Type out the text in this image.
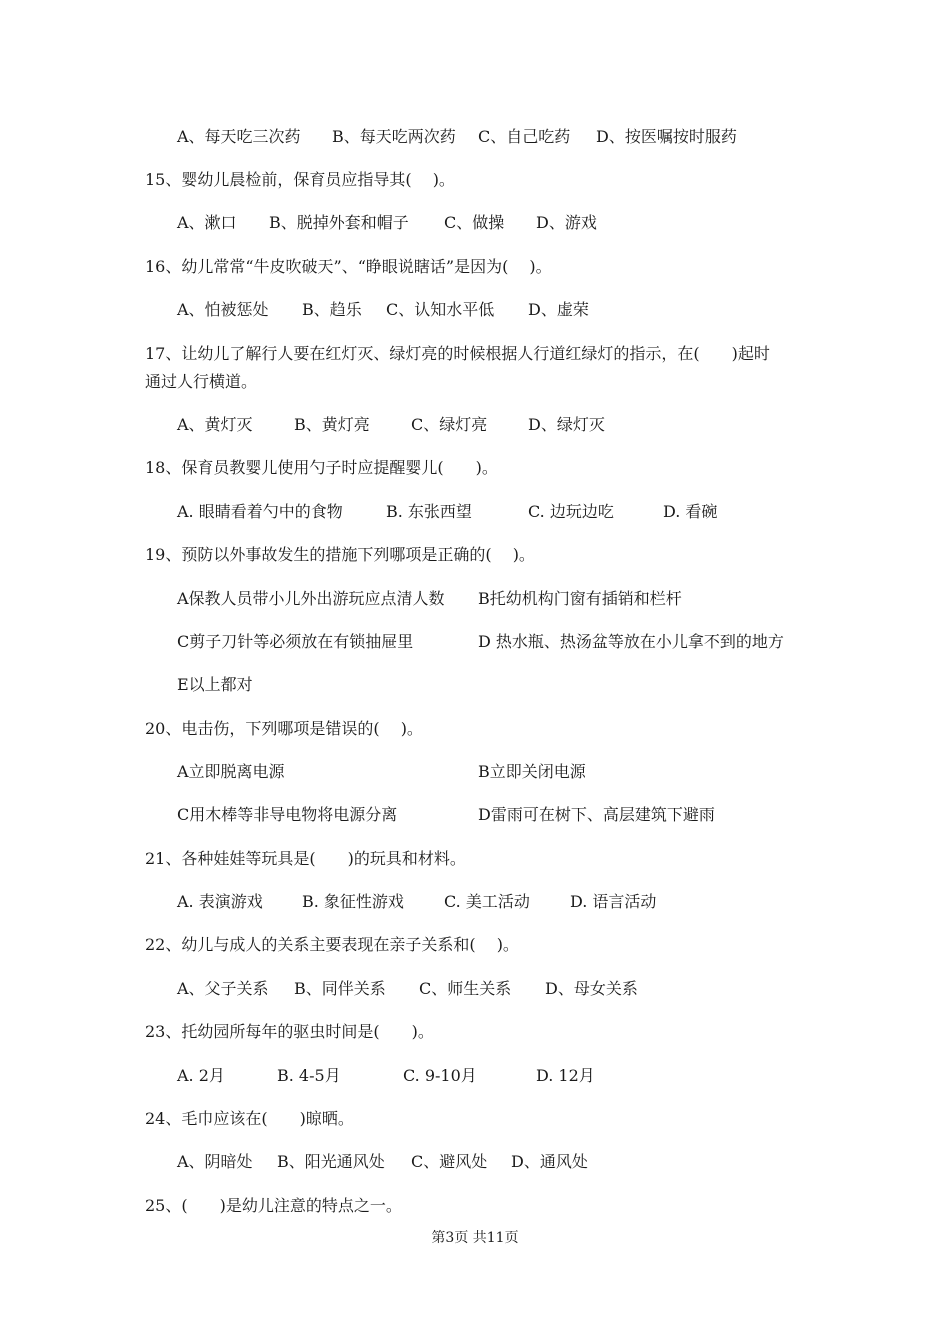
A、每天吃三次药 B、每天吃两次药 C、自己吃药 D、按医嘱按时服药
15、婴幼儿晨检前，保育员应指导其(　 )。
A、漱口 B、脱掉外套和帽子 C、做操 D、游戏
16、幼儿常常“牛皮吹破天”、“睁眼说瞎话”是因为(　 )。
A、怕被惩处 B、趋乐 C、认知水平低 D、虚荣
17、让幼儿了解行人要在红灯灭、绿灯亮的时候根据人行道红绿灯的指示，在(　　)起时
通过人行横道。
A、黄灯灭	B、黄灯亮	C、绿灯亮	D、绿灯灭
18、保育员教婴儿使用勺子时应提醒婴儿(　　)。
A. 眼睛看着勺中的食物	B. 东张西望	C. 边玩边吃	D. 看碗
19、预防以外事故发生的措施下列哪项是正确的(　 )。
A保教人员带小儿外出游玩应点清人数 B托幼机构门窗有插销和栏杆
C剪子刀针等必须放在有锁抽屉里	D 热水瓶、热汤盆等放在小儿拿不到的地方
E以上都对
20、电击伤，下列哪项是错误的(　 )。
A立即脱离电源	B立即关闭电源
C用木棒等非导电物将电源分离	D雷雨可在树下、高层建筑下避雨
21、各种娃娃等玩具是(　　)的玩具和材料。
A. 表演游戏 B. 象征性游戏	C. 美工活动	D. 语言活动
22、幼儿与成人的关系主要表现在亲子关系和(　 )。
A、父子关系 B、同伴关系 C、师生关系 D、母女关系
23、托幼园所每年的驱虫时间是(　　)。
A. 2月	B. 4-5月	C. 9-10月	D. 12月
24、毛巾应该在(　　)晾晒。
A、阴暗处 B、阳光通风处 C、避风处 D、通风处
25、(　　)是幼儿注意的特点之一。
第3页 共11页
